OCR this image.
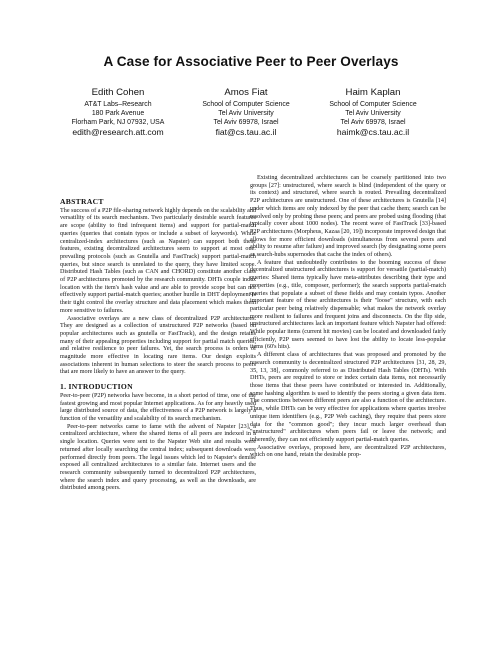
A Case for Associative Peer to Peer Overlays
Edith Cohen
AT&T Labs–Research
180 Park Avenue
Florham Park, NJ 07932, USA
edith@research.att.com
Amos Fiat
School of Computer Science
Tel Aviv University
Tel Aviv 69978, Israel
fiat@cs.tau.ac.il
Haim Kaplan
School of Computer Science
Tel Aviv University
Tel Aviv 69978, Israel
haimk@cs.tau.ac.il
ABSTRACT

The success of a P2P file-sharing network highly depends on the scalability and versatility of its search mechanism. Two particularly desirable search features are scope (ability to find infrequent items) and support for partial-match queries (queries that contain typos or include a subset of keywords). While centralized-index architectures (such as Napster) can support both these features, existing decentralized architectures seem to support at most one: prevailing protocols (such as Gnutella and FastTrack) support partial-match queries, but since search is unrelated to the query, they have limited scope. Distributed Hash Tables (such as CAN and CHORD) constitute another class of P2P architectures promoted by the research community. DHTs couple index location with the item's hash value and are able to provide scope but can not effectively support partial-match queries; another hurdle in DHT deployment is their tight control the overlay structure and data placement which makes them more sensitive to failures.

Associative overlays are a new class of decentralized P2P architectures. They are designed as a collection of unstructured P2P networks (based on popular architectures such as gnutella or FastTrack), and the design retains many of their appealing properties including support for partial match queries, and relative resilience to peer failures. Yet, the search process is orders of magnitude more effective in locating rare items. Our design exploits associations inherent in human selections to steer the search process to peers that are more likely to have an answer to the query.

1. INTRODUCTION

Peer-to-peer (P2P) networks have become, in a short period of time, one of the fastest growing and most popular Internet applications. As for any heavily used large distributed source of data, the effectiveness of a P2P network is largely a function of the versatility and scalability of its search mechanism.

Peer-to-peer networks came to fame with the advent of Napster [23], a centralized architecture, where the shared items of all peers are indexed in a single location. Queries were sent to the Napster Web site and results were returned after locally searching the central index; subsequent downloads were performed directly from peers. The legal issues which led to Napster's demise exposed all centralized architectures to a similar fate. Internet users and the research community subsequently turned to decentralized P2P architectures, where the search index and query processing, as well as the downloads, are distributed among peers.

Existing decentralized architectures can be coarsely partitioned into two groups [27]: unstructured, where search is blind (independent of the query or its context) and structured, where search is routed. Prevailing decentralized P2P architectures are unstructured. One of these architectures is Gnutella [14] under which items are only indexed by the peer that cache them; search can be resolved only by probing these peers; and peers are probed using flooding (that typically cover about 1000 nodes). The recent wave of FastTrack [33]-based P2P architectures (Morpheus, Kazaa [20, 19]) incorporate improved design that allows for more efficient downloads (simultaneous from several peers and ability to resume after failure) and improved search (by designating some peers as search-hubs supernodes that cache the index of others).

A feature that undoubtedly contributes to the booming success of these decentralized unstructured architectures is support for versatile (partial-match) queries: Shared items typically have meta-attributes describing their type and properties (e.g., title, composer, performer); the search supports partial-match queries that populate a subset of these fields and may contain typos. Another important feature of these architectures is their "loose" structure, with each particular peer being relatively dispensable; what makes the network overlay more resilient to failures and frequent joins and disconnects. On the flip side, unstructured architectures lack an important feature which Napster had offered: While popular items (current hit movies) can be located and downloaded fairly efficiently, P2P users seemed to have lost the ability to locate less-popular items (60's hits).

A different class of architectures that was proposed and promoted by the research community is decentralized structured P2P architectures [31, 28, 29, 35, 13, 38], commonly referred to as Distributed Hash Tables (DHTs). With DHTs, peers are required to store or index certain data items, not necessarily those items that these peers have contributed or interested in. Additionally, some hashing algorithm is used to identify the peers storing a given data item. The connections between different peers are also a function of the architecture. Thus, while DHTs can be very effective for applications where queries involve unique item identifiers (e.g., P2P Web caching), they require that peers store data for the "common good"; they incur much larger overhead than "unstructured" architectures when peers fail or leave the network; and inherently, they can not efficiently support partial-match queries.

Associative overlays, proposed here, are decentralized P2P architectures, which on one hand, retain the desirable prop-
